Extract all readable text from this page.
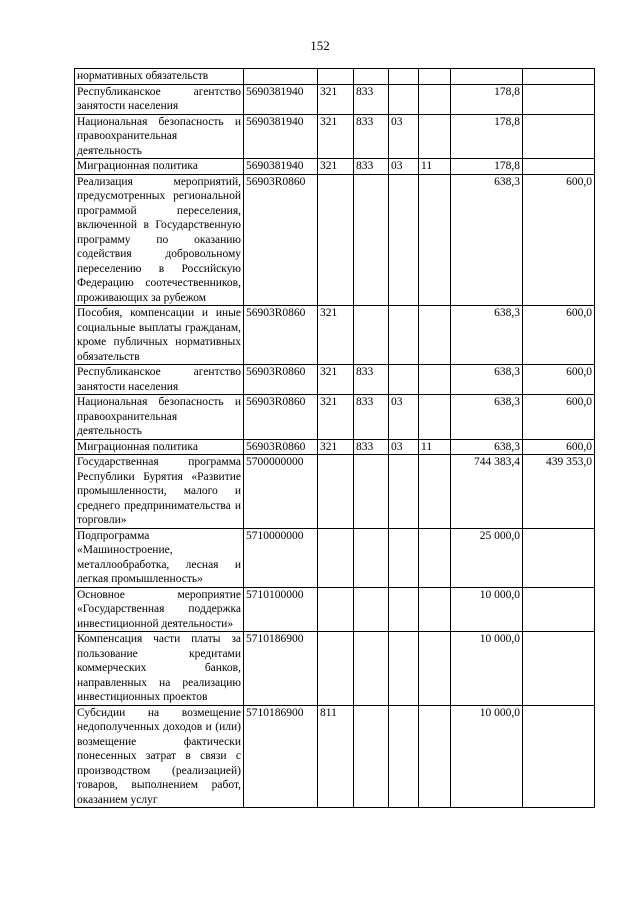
152
нормативных обязательств							
Республиканское агентство занятости населения	5690381940	321	833			178,8	
Национальная безопасность и правоохранительная деятельность	5690381940	321	833	03		178,8	
Миграционная политика	5690381940	321	833	03	11	178,8	
Реализация мероприятий, предусмотренных региональной программой переселения, включенной в Государственную программу по оказанию содействия добровольному переселению в Российскую Федерацию соотечественников, проживающих за рубежом	56903R0860					638,3	600,0
Пособия, компенсации и иные социальные выплаты гражданам, кроме публичных нормативных обязательств	56903R0860	321				638,3	600,0
Республиканское агентство занятости населения	56903R0860	321	833			638,3	600,0
Национальная безопасность и правоохранительная деятельность	56903R0860	321	833	03		638,3	600,0
Миграционная политика	56903R0860	321	833	03	11	638,3	600,0
Государственная программа Республики Бурятия «Развитие промышленности, малого и среднего предпринимательства и торговли»	5700000000					744 383,4	439 353,0
Подпрограмма «Машиностроение, металлообработка, лесная и легкая промышленность»	5710000000					25 000,0	
Основное мероприятие «Государственная поддержка инвестиционной деятельности»	5710100000					10 000,0	
Компенсация части платы за пользование кредитами коммерческих банков, направленных на реализацию инвестиционных проектов	5710186900					10 000,0	
Субсидии на возмещение недополученных доходов и (или) возмещение фактически понесенных затрат в связи с производством (реализацией) товаров, выполнением работ, оказанием услуг	5710186900	811				10 000,0	
